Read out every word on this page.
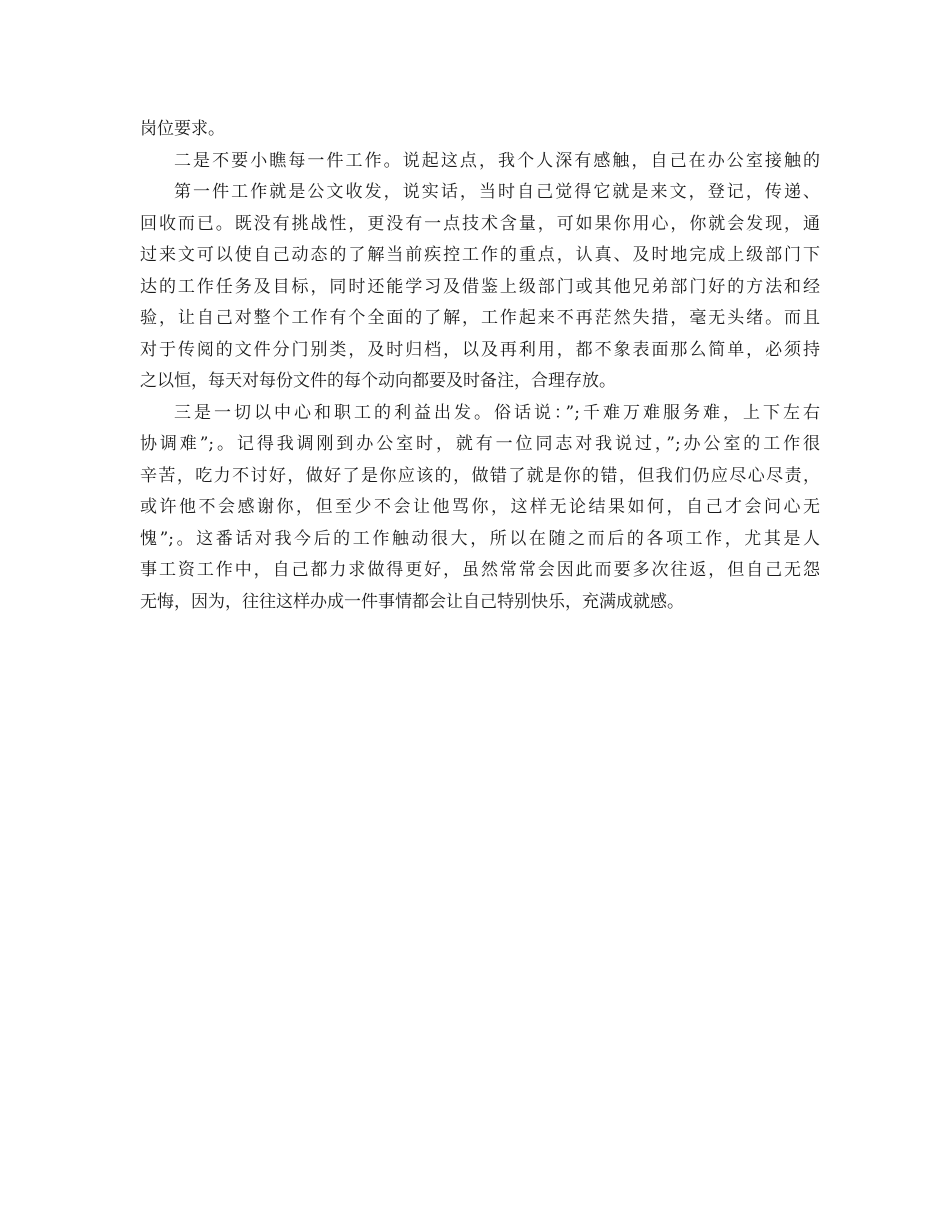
岗位要求。
二是不要小瞧每一件工作。说起这点，我个人深有感触，自己在办公室接触的
第一件工作就是公文收发，说实话，当时自己觉得它就是来文，登记，传递、
回收而已。既没有挑战性，更没有一点技术含量，可如果你用心，你就会发现，通
过来文可以使自己动态的了解当前疾控工作的重点，认真、及时地完成上级部门下
达的工作任务及目标，同时还能学习及借鉴上级部门或其他兄弟部门好的方法和经
验，让自己对整个工作有个全面的了解，工作起来不再茫然失措，毫无头绪。而且
对于传阅的文件分门别类，及时归档，以及再利用，都不象表面那么简单，必须持
之以恒，每天对每份文件的每个动向都要及时备注，合理存放。
三是一切以中心和职工的利益出发。俗话说：”;千难万难服务难，上下左右
协调难”;。记得我调刚到办公室时，就有一位同志对我说过，”;办公室的工作很
辛苦，吃力不讨好，做好了是你应该的，做错了就是你的错，但我们仍应尽心尽责，
或许他不会感谢你，但至少不会让他骂你，这样无论结果如何，自己才会问心无
愧”;。这番话对我今后的工作触动很大，所以在随之而后的各项工作，尤其是人
事工资工作中，自己都力求做得更好，虽然常常会因此而要多次往返，但自己无怨
无悔，因为，往往这样办成一件事情都会让自己特别快乐，充满成就感。
